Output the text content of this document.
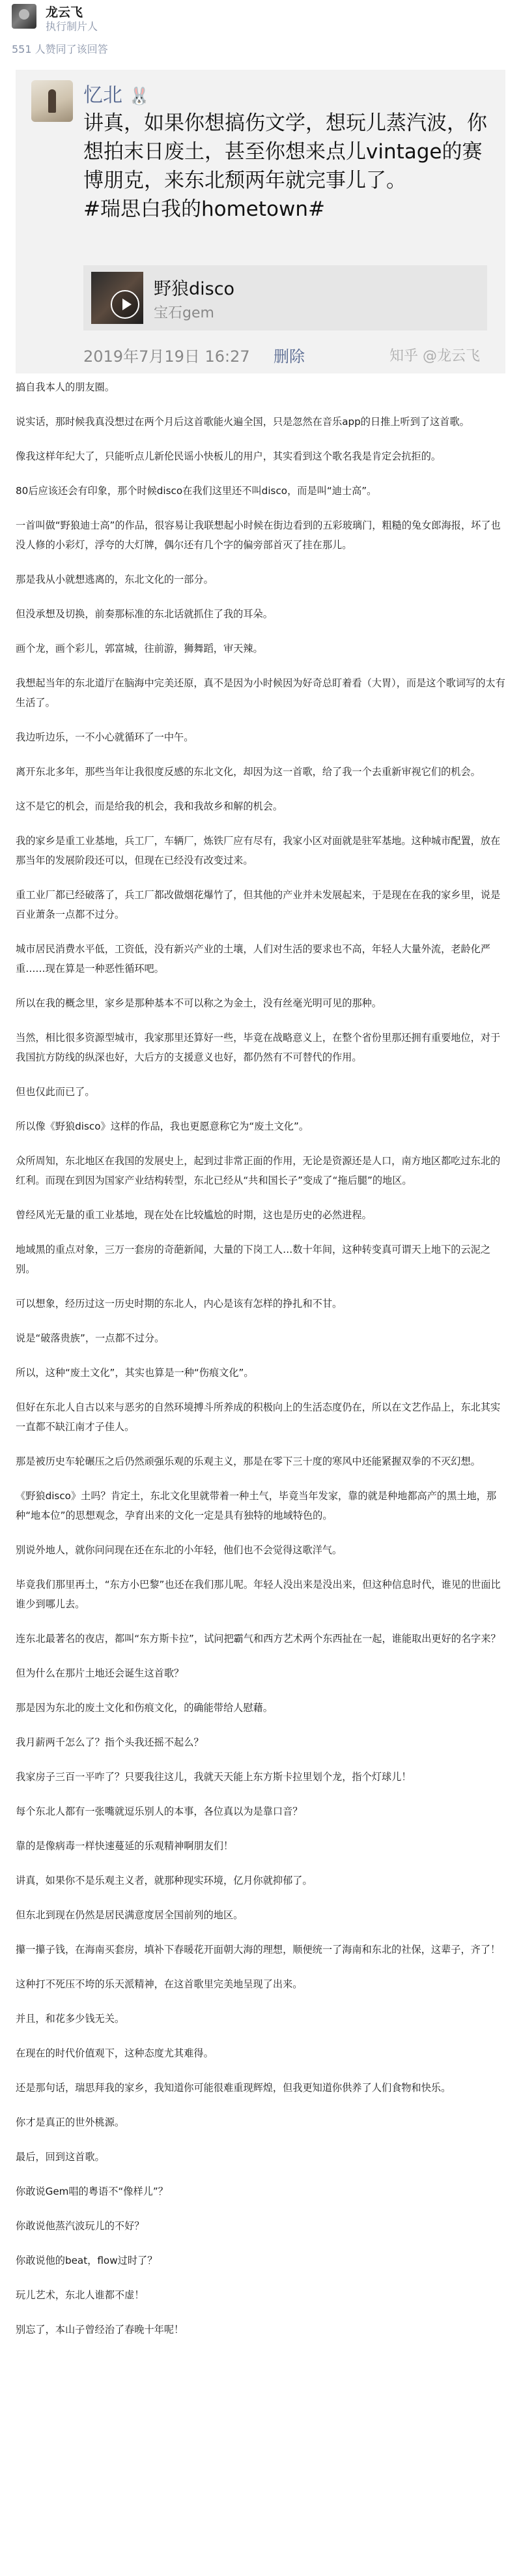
龙云飞
执行制片人
551 人赞同了该回答
忆北 🐰
讲真，如果你想搞伤文学，想玩儿蒸汽波，你想拍末日废土，甚至你想来点儿vintage的赛博朋克，来东北颓两年就完事儿了。
#瑞思白我的hometown#
野狼disco
宝石gem
2019年7月19日 16:27 删除	知乎 @龙云飞
搞自我本人的朋友圈。
说实话，那时候我真没想过在两个月后这首歌能火遍全国，只是忽然在音乐app的日推上听到了这首歌。
像我这样年纪大了，只能听点儿新伦民谣小快板儿的用户，其实看到这个歌名我是肯定会抗拒的。
80后应该还会有印象，那个时候disco在我们这里还不叫disco，而是叫“迪士高”。
一首叫做“野狼迪士高”的作品，很容易让我联想起小时候在街边看到的五彩玻璃门，粗糙的兔女郎海报，坏了也没人修的小彩灯，浮夸的大灯牌，偶尔还有几个字的偏旁部首灭了挂在那儿。
那是我从小就想逃离的，东北文化的一部分。
但没承想及切换，前奏那标准的东北话就抓住了我的耳朵。
画个龙，画个彩儿，郭富城，往前游，狮舞蹈，审天辣。
我想起当年的东北道厅在脑海中完美还原，真不是因为小时候因为好奇总盯着看（大胃），而是这个歌词写的太有生活了。
我边听边乐，一不小心就循环了一中午。
离开东北多年，那些当年让我很度反感的东北文化，却因为这一首歌，给了我一个去重新审视它们的机会。
这不是它的机会，而是给我的机会，我和我故乡和解的机会。
我的家乡是重工业基地，兵工厂，车辆厂，炼铁厂应有尽有，我家小区对面就是驻军基地。这种城市配置，放在那当年的发展阶段还可以，但现在已经没有改变过来。
重工业厂都已经破落了，兵工厂都改做烟花爆竹了，但其他的产业并未发展起来，于是现在在我的家乡里，说是百业萧条一点都不过分。
城市居民消费水平低，工资低，没有新兴产业的土壤，人们对生活的要求也不高，年轻人大量外流，老龄化严重……现在算是一种恶性循环吧。
所以在我的概念里，家乡是那种基本不可以称之为金土，没有丝毫光明可见的那种。
当然，相比很多资源型城市，我家那里还算好一些，毕竟在战略意义上，在整个省份里那还拥有重要地位，对于我国抗方防线的纵深也好，大后方的支援意义也好，都仍然有不可替代的作用。
但也仅此而已了。
所以像《野狼disco》这样的作品，我也更愿意称它为“废土文化”。
众所周知，东北地区在我国的发展史上，起到过非常正面的作用，无论是资源还是人口，南方地区都吃过东北的红利。而现在到因为国家产业结构转型，东北已经从“共和国长子”变成了“拖后腿”的地区。
曾经风光无量的重工业基地，现在处在比较尴尬的时期，这也是历史的必然进程。
地域黑的重点对象，三万一套房的奇葩新闻，大量的下岗工人…数十年间，这种转变真可谓天上地下的云泥之别。
可以想象，经历过这一历史时期的东北人，内心是该有怎样的挣扎和不甘。
说是“破落贵族”，一点都不过分。
所以，这种“废土文化”，其实也算是一种“伤痕文化”。
但好在东北人自古以来与恶劣的自然环境搏斗所养成的积极向上的生活态度仍在，所以在文艺作品上，东北其实一直都不缺江南才子佳人。
那是被历史车轮碾压之后仍然顽强乐观的乐观主义，那是在零下三十度的寒风中还能紧握双拳的不灭幻想。
《野狼disco》土吗？肯定土，东北文化里就带着一种土气，毕竟当年发家，靠的就是种地都高产的黑土地，那种“地本位”的思想观念，孕育出来的文化一定是具有独特的地域特色的。
别说外地人，就你问问现在还在东北的小年轻，他们也不会觉得这歌洋气。
毕竟我们那里再土，“东方小巴黎”也还在我们那儿呢。年轻人没出来是没出来，但这种信息时代，谁见的世面比谁少到哪儿去。
连东北最著名的夜店，都叫“东方斯卡拉”，试问把霸气和西方艺术两个东西扯在一起，谁能取出更好的名字来？
但为什么在那片土地还会诞生这首歌？
那是因为东北的废土文化和伤痕文化，的确能带给人慰藉。
我月薪两千怎么了？指个头我还摇不起么？
我家房子三百一平咋了？只要我往这儿，我就天天能上东方斯卡拉里划个龙，指个灯球儿！
每个东北人都有一张嘴就逗乐别人的本事，各位真以为是靠口音？
靠的是像病毒一样快速蔓延的乐观精神啊朋友们！
讲真，如果你不是乐观主义者，就那种现实环境，亿月你就抑郁了。
但东北到现在仍然是居民满意度居全国前列的地区。
攥一攥子钱，在海南买套房，填补下春暖花开面朝大海的理想，顺便统一了海南和东北的社保，这辈子，齐了！
这种打不死压不垮的乐天派精神，在这首歌里完美地呈现了出来。
并且，和花多少钱无关。
在现在的时代价值观下，这种态度尤其难得。
还是那句话，瑞思拜我的家乡，我知道你可能很难重现辉煌，但我更知道你供养了人们食物和快乐。
你才是真正的世外桃源。
最后，回到这首歌。
你敢说Gem唱的粤语不“像样儿”？
你敢说他蒸汽波玩儿的不好？
你敢说他的beat，flow过时了？
玩儿艺术，东北人谁都不虚！
别忘了，本山子曾经治了春晚十年呢！
